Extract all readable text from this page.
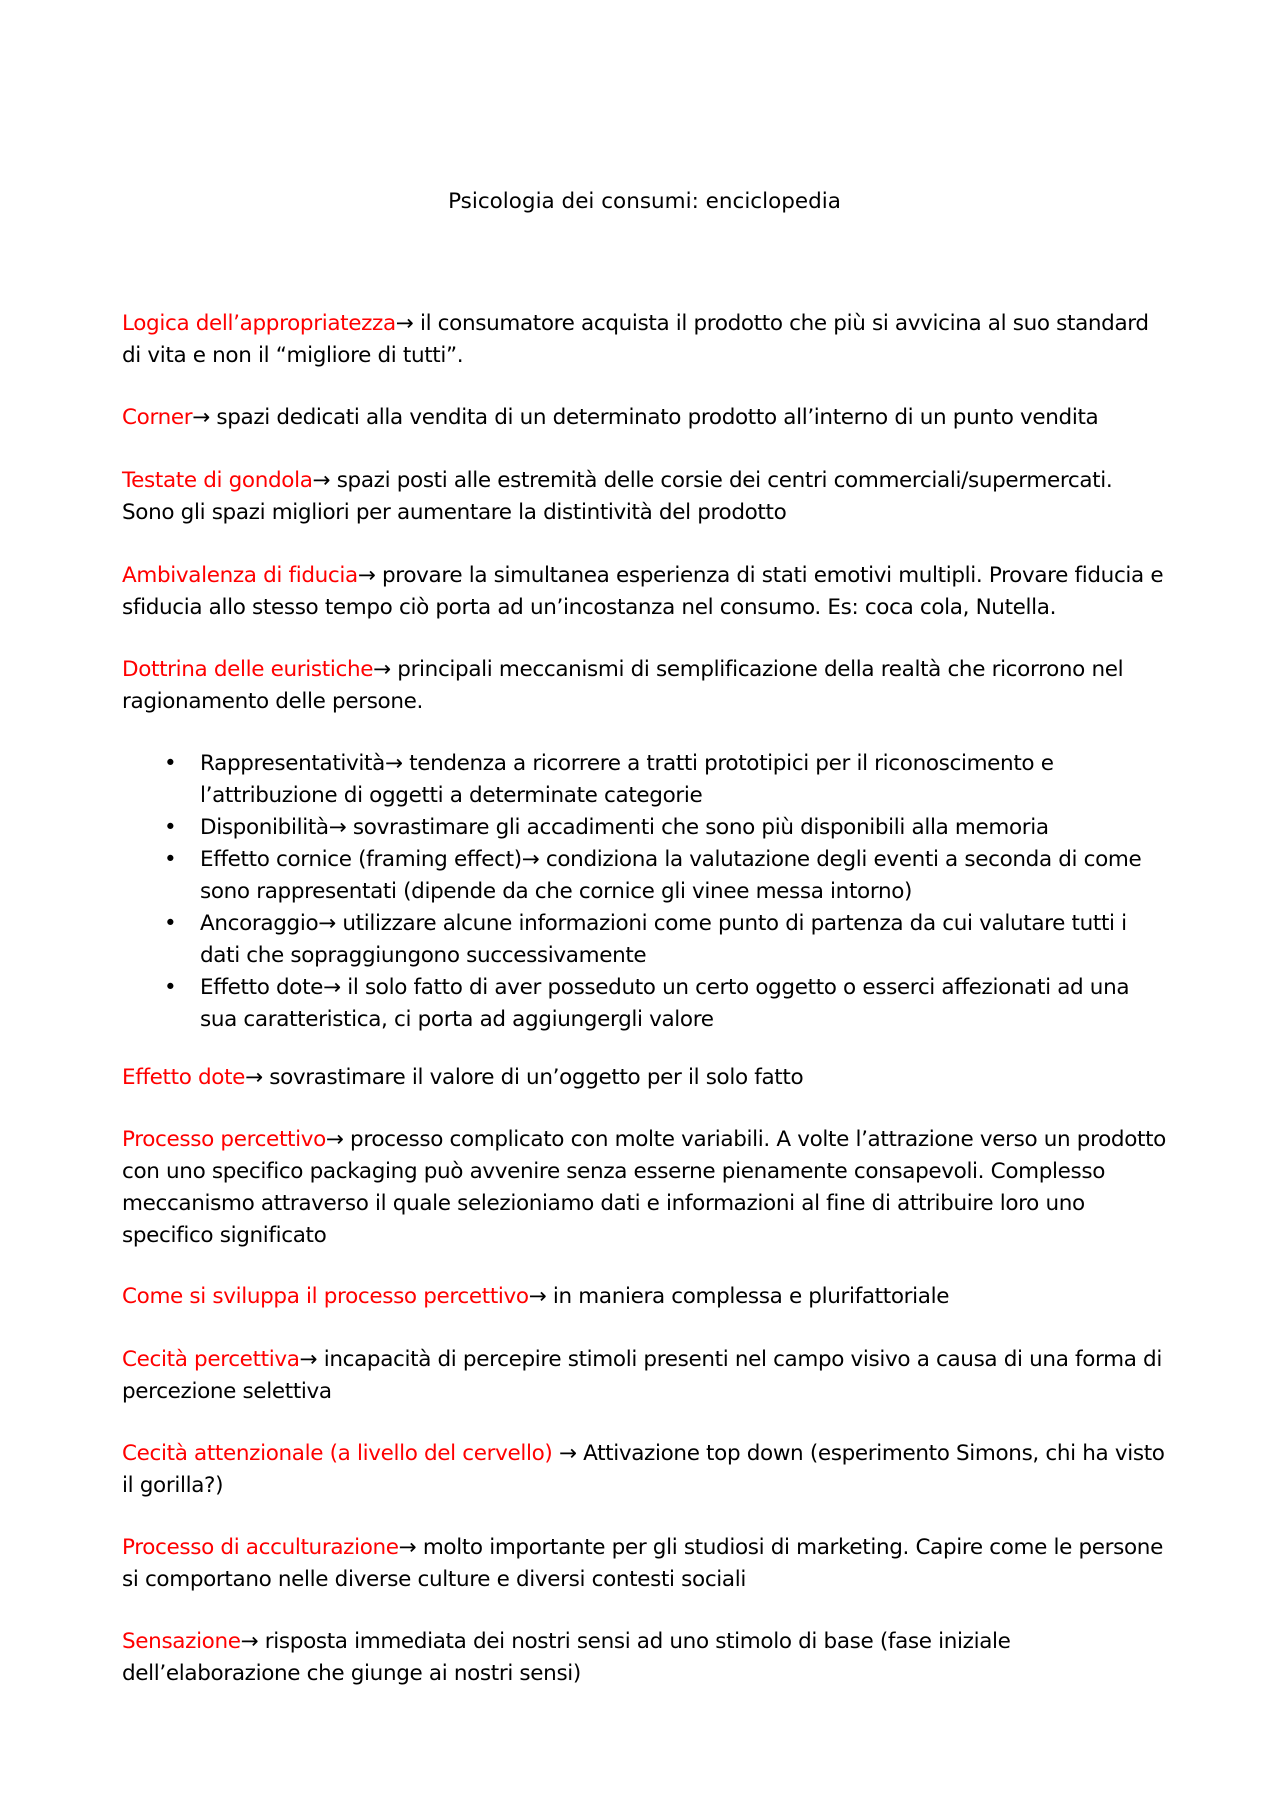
Psicologia dei consumi: enciclopedia

Logica dell’appropriatezza→ il consumatore acquista il prodotto che più si avvicina al suo standard di vita e non il “migliore di tutti”.

Corner→ spazi dedicati alla vendita di un determinato prodotto all’interno di un punto vendita

Testate di gondola→ spazi posti alle estremità delle corsie dei centri commerciali/supermercati. Sono gli spazi migliori per aumentare la distintività del prodotto

Ambivalenza di fiducia→ provare la simultanea esperienza di stati emotivi multipli. Provare fiducia e sfiducia allo stesso tempo ciò porta ad un’incostanza nel consumo. Es: coca cola, Nutella.

Dottrina delle euristiche→ principali meccanismi di semplificazione della realtà che ricorrono nel ragionamento delle persone.

• Rappresentatività→ tendenza a ricorrere a tratti prototipici per il riconoscimento e l’attribuzione di oggetti a determinate categorie
• Disponibilità→ sovrastimare gli accadimenti che sono più disponibili alla memoria
• Effetto cornice (framing effect)→ condiziona la valutazione degli eventi a seconda di come sono rappresentati (dipende da che cornice gli vinee messa intorno)
• Ancoraggio→ utilizzare alcune informazioni come punto di partenza da cui valutare tutti i dati che sopraggiungono successivamente
• Effetto dote→ il solo fatto di aver posseduto un certo oggetto o esserci affezionati ad una sua caratteristica, ci porta ad aggiungergli valore

Effetto dote→ sovrastimare il valore di un’oggetto per il solo fatto

Processo percettivo→ processo complicato con molte variabili. A volte l’attrazione verso un prodotto con uno specifico packaging può avvenire senza esserne pienamente consapevoli. Complesso meccanismo attraverso il quale selezioniamo dati e informazioni al fine di attribuire loro uno specifico significato

Come si sviluppa il processo percettivo→ in maniera complessa e plurifattoriale

Cecità percettiva→ incapacità di percepire stimoli presenti nel campo visivo a causa di una forma di percezione selettiva

Cecità attenzionale (a livello del cervello) → Attivazione top down (esperimento Simons, chi ha visto il gorilla?)

Processo di acculturazione→ molto importante per gli studiosi di marketing. Capire come le persone si comportano nelle diverse culture e diversi contesti sociali

Sensazione→ risposta immediata dei nostri sensi ad uno stimolo di base (fase iniziale dell’elaborazione che giunge ai nostri sensi)
